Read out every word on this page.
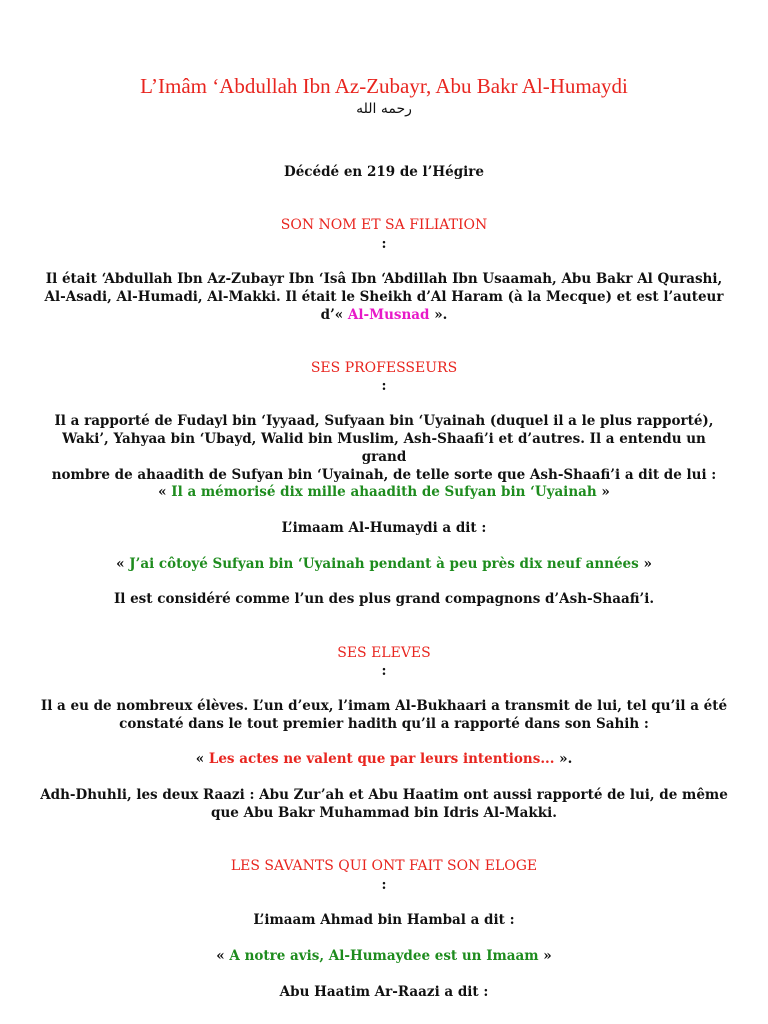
L’Imâm ‘Abdullah Ibn Az-Zubayr, Abu Bakr Al-Humaydi

رحمه الله

Décédé en 219 de l’Hégire

SON NOM ET SA FILIATION

:

Il était ‘Abdullah Ibn Az-Zubayr Ibn ‘Isâ Ibn ‘Abdillah Ibn Usaamah, Abu Bakr Al Qurashi,
Al-Asadi, Al-Humadi, Al-Makki. Il était le Sheikh d’Al Haram (à la Mecque) et est l’auteur
d’« Al-Musnad ».

SES PROFESSEURS

:

Il a rapporté de Fudayl bin ‘Iyyaad, Sufyaan bin ‘Uyainah (duquel il a le plus rapporté),
Waki’, Yahyaa bin ‘Ubayd, Walid bin Muslim, Ash-Shaafi’i et d’autres. Il a entendu un grand
nombre de ahaadith de Sufyan bin ‘Uyainah, de telle sorte que Ash-Shaafi’i a dit de lui :

« Il a mémorisé dix mille ahaadith de Sufyan bin ‘Uyainah »

L’imaam Al-Humaydi a dit :

« J’ai côtoyé Sufyan bin ‘Uyainah pendant à peu près dix neuf années »

Il est considéré comme l’un des plus grand compagnons d’Ash-Shaafi’i.

SES ELEVES

:

Il a eu de nombreux élèves. L’un d’eux, l’imam Al-Bukhaari a transmit de lui, tel qu’il a été
constaté dans le tout premier hadith qu’il a rapporté dans son Sahih :

« Les actes ne valent que par leurs intentions... ».

Adh-Dhuhli, les deux Raazi : Abu Zur’ah et Abu Haatim ont aussi rapporté de lui, de même
que Abu Bakr Muhammad bin Idris Al-Makki.

LES SAVANTS QUI ONT FAIT SON ELOGE

:

L’imaam Ahmad bin Hambal a dit :

« A notre avis, Al-Humaydee est un Imaam »

Abu Haatim Ar-Raazi a dit :
